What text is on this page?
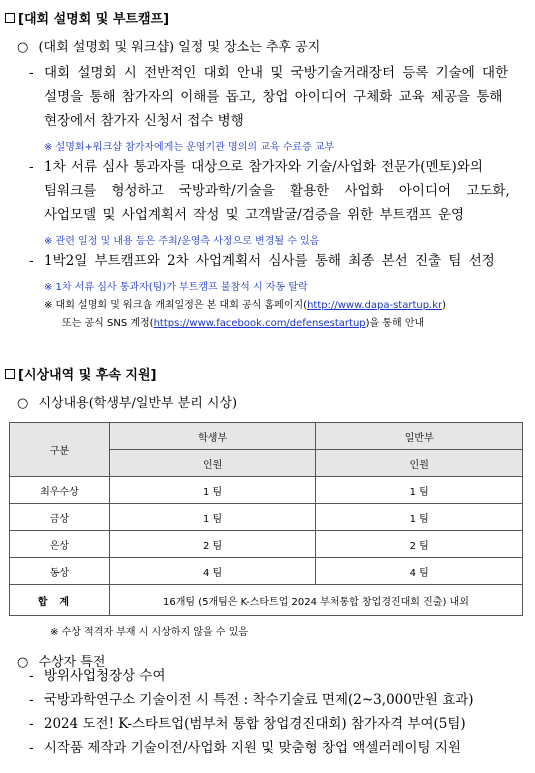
[대회 설명회 및 부트캠프]
○ (대회 설명회 및 워크샵) 일정 및 장소는 추후 공지
- 대회 설명회 시 전반적인 대회 안내 및 국방기술거래장터 등록 기술에 대한
설명을 통해 참가자의 이해를 돕고, 창업 아이디어 구체화 교육 제공을 통해
현장에서 참가자 신청서 접수 병행
※ 설명회+워크샵 참가자에게는 운영기관 명의의 교육 수료증 교부
- 1차 서류 심사 통과자를 대상으로 참가자와 기술/사업화 전문가(멘토)와의
팀워크를 형성하고 국방과학/기술을 활용한 사업화 아이디어 고도화,
사업모델 및 사업계획서 작성 및 고객발굴/검증을 위한 부트캠프 운영
※ 관련 일정 및 내용 등은 주최/운영측 사정으로 변경될 수 있음
- 1박2일 부트캠프와 2차 사업계획서 심사를 통해 최종 본선 진출 팀 선정
※ 1차 서류 심사 통과자(팀)가 부트캠프 불참석 시 자동 탈락
※ 대회 설명회 및 워크숍 개최일정은 본 대회 공식 홈페이지(http://www.dapa-startup.kr)
또는 공식 SNS 계정(https://www.facebook.com/defensestartup)을 통해 안내
[시상내역 및 후속 지원]
○ 시상내용(학생부/일반부 분리 시상)
구분	학생부	일반부
	인원	인원
최우수상	1 팀	1 팀
금상	1 팀	1 팀
은상	2 팀	2 팀
동상	4 팀	4 팀
합계	16개팀 (5개팀은 K-스타트업 2024 부처통합 창업경진대회 진출) 내외	
※ 수상 적격자 부재 시 시상하지 않을 수 있음
○ 수상자 특전
- 방위사업청장상 수여
- 국방과학연구소 기술이전 시 특전 : 착수기술료 면제(2~3,000만원 효과)
- 2024 도전! K-스타트업(범부처 통합 창업경진대회) 참가자격 부여(5팀)
- 시작품 제작과 기술이전/사업화 지원 및 맞춤형 창업 액셀러레이팅 지원
